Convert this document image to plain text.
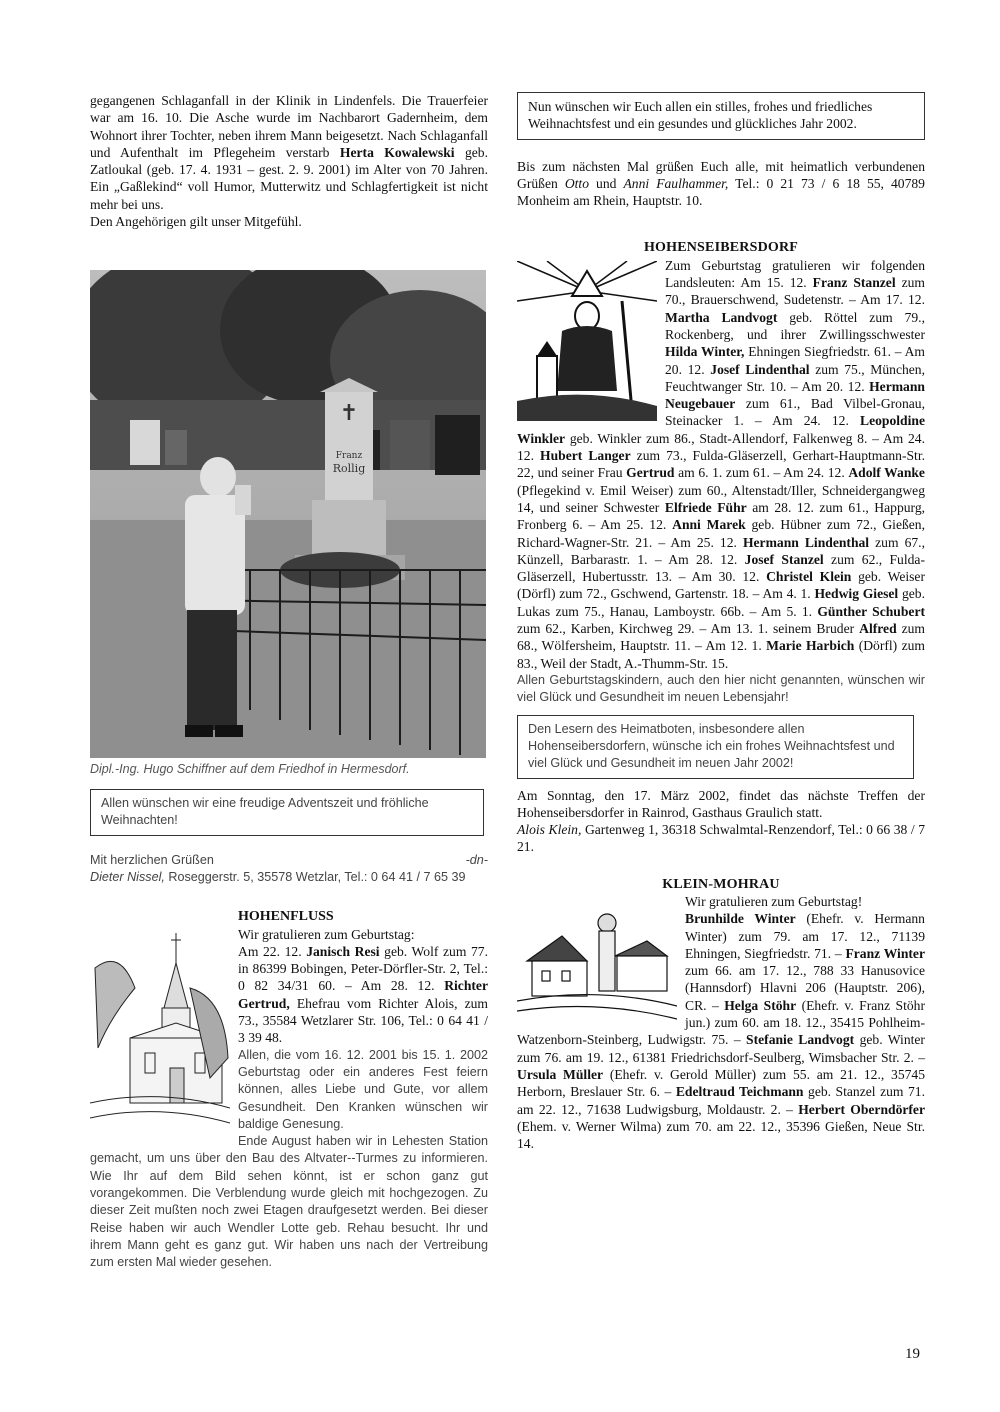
gegangenen Schlaganfall in der Klinik in Lindenfels. Die Trauerfeier war am 16. 10. Die Asche wurde im Nachbarort Gadernheim, dem Wohnort ihrer Tochter, neben ihrem Mann beigesetzt. Nach Schlaganfall und Aufenthalt im Pflegeheim verstarb Herta Kowalewski geb. Zatloukal (geb. 17. 4. 1931 – gest. 2. 9. 2001) im Alter von 70 Jahren. Ein „Gaßlekind“ voll Humor, Mutterwitz und Schlagfertigkeit ist nicht mehr bei uns.

Den Angehörigen gilt unser Mitgefühl.

✝
Franz
Rollig
Dipl.-Ing. Hugo Schiffner auf dem Friedhof in Hermesdorf.
Allen wünschen wir eine freudige Adventszeit und fröhliche Weihnachten!
Mit herzlichen Grüßen	-dn-

Dieter Nissel, Roseggerstr. 5, 35578 Wetzlar, Tel.: 0 64 41 / 7 65 39

HOHENFLUSS

Wir gratulieren zum Geburtstag:

Am 22. 12. Janisch Resi geb. Wolf zum 77. in 86399 Bobingen, Peter-Dörfler-Str. 2, Tel.: 0 82 34/31 60. – Am 28. 12. Richter Gertrud, Ehefrau vom Richter Alois, zum 73., 35584 Wetzlarer Str. 106, Tel.: 0 64 41 / 3 39 48.

Allen, die vom 16. 12. 2001 bis 15. 1. 2002 Geburtstag oder ein anderes Fest feiern können, alles Liebe und Gute, vor allem Gesundheit. Den Kranken wünschen wir baldige Genesung.

Ende August haben wir in Lehesten Station gemacht, um uns über den Bau des Altvater--Turmes zu informieren. Wie Ihr auf dem Bild sehen könnt, ist er schon ganz gut vorangekommen. Die Verblendung wurde gleich mit hochgezogen. Zu dieser Zeit mußten noch zwei Etagen draufgesetzt werden. Bei dieser Reise haben wir auch Wendler Lotte geb. Rehau besucht. Ihr und ihrem Mann geht es ganz gut. Wir haben uns nach der Vertreibung zum ersten Mal wieder gesehen.

Nun wünschen wir Euch allen ein stilles, frohes und friedliches Weihnachtsfest und ein gesundes und glückliches Jahr 2002.

Bis zum nächsten Mal grüßen Euch alle, mit heimatlich verbundenen Grüßen Otto und Anni Faulhammer, Tel.: 0 21 73 / 6 18 55, 40789 Monheim am Rhein, Hauptstr. 10.

HOHENSEIBERSDORF

Zum Geburtstag gratulieren wir folgenden Landsleuten: Am 15. 12. Franz Stanzel zum 70., Brauerschwend, Sudetenstr. – Am 17. 12. Martha Landvogt geb. Röttel zum 79., Rockenberg, und ihrer Zwillingsschwester Hilda Winter, Ehningen Siegfriedstr. 61. – Am 20. 12. Josef Lindenthal zum 75., München, Feuchtwanger Str. 10. – Am 20. 12. Hermann Neugebauer zum 61., Bad Vilbel-Gronau, Steinacker 1. – Am 24. 12. Leopoldine Winkler geb. Winkler zum 86., Stadt-Allendorf, Falkenweg 8. – Am 24. 12. Hubert Langer zum 73., Fulda-Gläserzell, Gerhart-Hauptmann-Str. 22, und seiner Frau Gertrud am 6. 1. zum 61. – Am 24. 12. Adolf Wanke (Pflegekind v. Emil Weiser) zum 60., Altenstadt/Iller, Schneidergangweg 14, und seiner Schwester Elfriede Führ am 28. 12. zum 61., Happurg, Fronberg 6. – Am 25. 12. Anni Marek geb. Hübner zum 72., Gießen, Richard-Wagner-Str. 21. – Am 25. 12. Hermann Lindenthal zum 67., Künzell, Barbarastr. 1. – Am 28. 12. Josef Stanzel zum 62., Fulda-Gläserzell, Hubertusstr. 13. – Am 30. 12. Christel Klein geb. Weiser (Dörfl) zum 72., Gschwend, Gartenstr. 18. – Am 4. 1. Hedwig Giesel geb. Lukas zum 75., Hanau, Lamboystr. 66b. – Am 5. 1. Günther Schubert zum 62., Karben, Kirchweg 29. – Am 13. 1. seinem Bruder Alfred zum 68., Wölfersheim, Hauptstr. 11. – Am 12. 1. Marie Harbich (Dörfl) zum 83., Weil der Stadt, A.-Thumm-Str. 15.

Allen Geburtstagskindern, auch den hier nicht genannten, wünschen wir viel Glück und Gesundheit im neuen Lebensjahr!

Den Lesern des Heimatboten, insbesondere allen Hohenseibersdorfern, wünsche ich ein frohes Weihnachtsfest und viel Glück und Gesundheit im neuen Jahr 2002!

Am Sonntag, den 17. März 2002, findet das nächste Treffen der Hohenseibersdorfer in Rainrod, Gasthaus Graulich statt.

Alois Klein, Gartenweg 1, 36318 Schwalmtal-Renzendorf, Tel.: 0 66 38 / 7 21.

KLEIN-MOHRAU

Wir gratulieren zum Geburtstag!

Brunhilde Winter (Ehefr. v. Hermann Winter) zum 79. am 17. 12., 71139 Ehningen, Siegfriedstr. 71. – Franz Winter zum 66. am 17. 12., 788 33 Hanusovice (Hannsdorf) Hlavni 206 (Hauptstr. 206), CR. – Helga Stöhr (Ehefr. v. Franz Stöhr jun.) zum 60. am 18. 12., 35415 Pohlheim-Watzenborn-Steinberg, Ludwigstr. 75. – Stefanie Landvogt geb. Winter zum 76. am 19. 12., 61381 Friedrichsdorf-Seulberg, Wimsbacher Str. 2. – Ursula Müller (Ehefr. v. Gerold Müller) zum 55. am 21. 12., 35745 Herborn, Breslauer Str. 6. – Edeltraud Teichmann geb. Stanzel zum 71. am 22. 12., 71638 Ludwigsburg, Moldaustr. 2. – Herbert Oberndörfer (Ehem. v. Werner Wilma) zum 70. am 22. 12., 35396 Gießen, Neue Str. 14.

19
